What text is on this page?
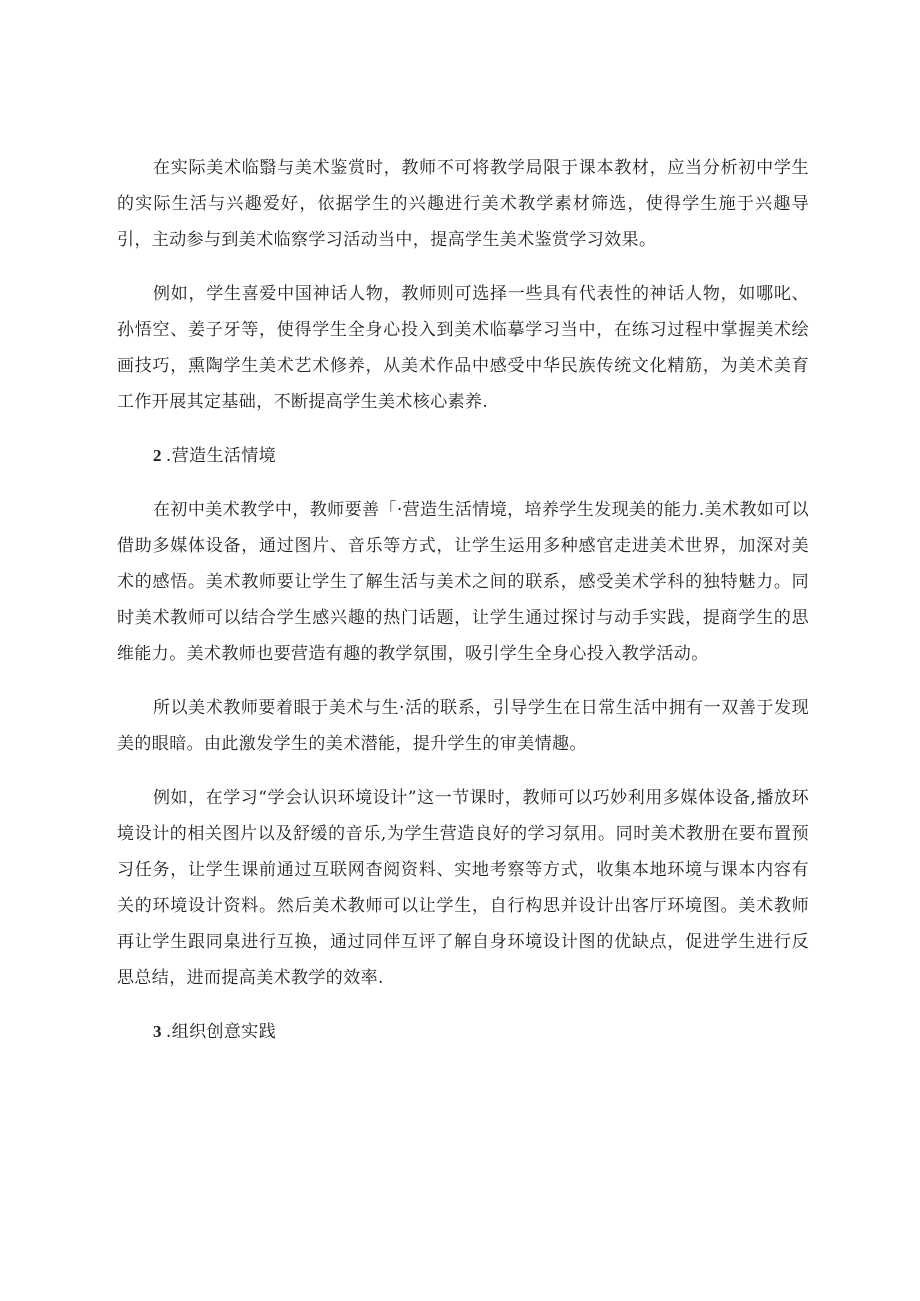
在实际美术临翳与美术鉴赏时，教师不可将教学局限于课本教材，应当分析初中学生的实际生活与兴趣爱好，依据学生的兴趣进行美术教学素材筛选，使得学生施于兴趣导引，主动参与到美术临察学习活动当中，提高学生美术鉴赏学习效果。

例如，学生喜爱中国神话人物，教师则可选择一些具有代表性的神话人物，如哪叱、孙悟空、姜子牙等，使得学生全身心投入到美术临摹学习当中，在练习过程中掌握美术绘画技巧，熏陶学生美术艺术修养，从美术作品中感受中华民族传统文化精筋，为美术美育工作开展其定基础，不断提高学生美术核心素养.

2 .营造生活情境

在初中美术教学中，教师要善「·营造生活情境，培养学生发现美的能力.美术教如可以借助多媒体设备，通过图片、音乐等方式，让学生运用多种感官走进美术世界，加深对美术的感悟。美术教师要让学生了解生活与美术之间的联系，感受美术学科的独特魅力。同时美术教师可以结合学生感兴趣的热门话题，让学生通过探讨与动手实践，提商学生的思维能力。美术教师也要营造有趣的教学氛围，吸引学生全身心投入教学活动。

所以美术教师要着眼于美术与生·活的联系，引导学生在日常生活中拥有一双善于发现美的眼暗。由此激发学生的美术潜能，提升学生的审美情趣。

例如，在学习“学会认识环境设计”这一节课时，教师可以巧妙利用多媒体设备,播放环境设计的相关图片以及舒缓的音乐,为学生营造良好的学习氛用。同时美术教册在要布置预习任务，让学生课前通过互联网杳阅资料、实地考察等方式，收集本地环境与课本内容有关的环境设计资料。然后美术教师可以让学生，自行构思并设计出客厅环境图。美术教师再让学生跟同臬进行互换，通过同伴互评了解自身环境设计图的优缺点，促进学生进行反思总结，进而提高美术教学的效率.

3 .组织创意实践
